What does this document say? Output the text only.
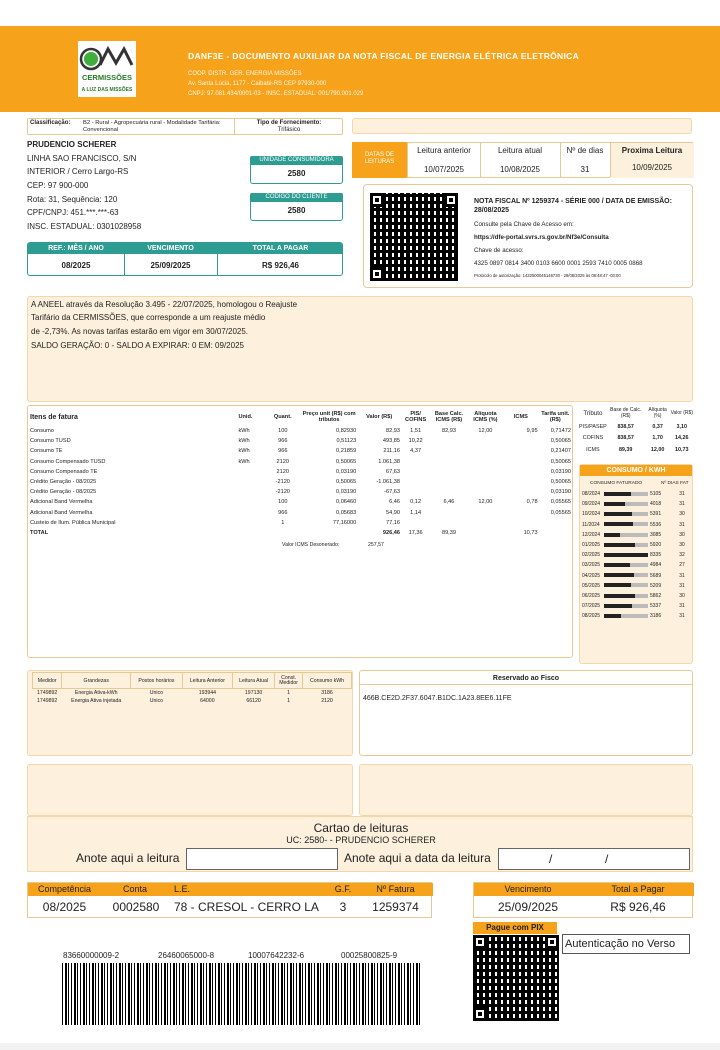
CERMISSÕES
A LUZ DAS MISSÕES
DANF3E - DOCUMENTO AUXILIAR DA NOTA FISCAL DE ENERGIA ELÉTRICA ELETRÔNICA
COOP. DISTR. GER. ENERGIA MISSÕES
Av. Santa Lúcia, 1177 - Caibaté-RS CEP 97930-000
CNPJ: 97.081.434/0001-03 - INSC. ESTADUAL: 001/790.001.029
Classificação: B2 - Rural - Agropecuária rural - Modalidade Tarifária: Convencional
Tipo de Fornecimento:
Trifásico
PRUDENCIO SCHERER
LINHA SAO FRANCISCO, S/N
INTERIOR / Cerro Largo-RS
CEP: 97 900-000
Rota: 31, Sequência: 120
CPF/CNPJ: 451.***.***-63
INSC. ESTADUAL: 0301028958
UNIDADE CONSUMIDORA
2580
CÓDIGO DO CLIENTE
2580
REF.: MÊS / ANO	VENCIMENTO	TOTAL A PAGAR
08/2025	25/09/2025	R$ 926,46
DATAS DE LEITURAS
Leitura anterior	Leitura atual	Nº de dias	Proxima Leitura
10/07/2025	10/08/2025	31	10/09/2025
NOTA FISCAL Nº 1259374 - SÉRIE 000 / DATA DE EMISSÃO: 28/08/2025
Consulte pela Chave de Acesso em:
https://dfe-portal.svrs.rs.gov.br/Nf3e/Consulta
Chave de acesso:
4325 0897 0814 3400 0103 6600 0001 2593 7410 0005 0868
Protocolo de autorização: 1432500045146730 - 28/08/2025 às 08:48:47 -03:00
A ANEEL através da Resolução 3.495 - 22/07/2025, homologou o Reajuste
Tarifário da CERMISSÕES, que corresponde a um reajuste médio
de -2,73%. As novas tarifas estarão em vigor em 30/07/2025.
SALDO GERAÇÃO: 0 - SALDO A EXPIRAR: 0 EM: 09/2025
Itens de fatura	Unid.	Quant.	Preço unit (R$) com tributos	Valor (R$)	PIS/ COFINS	Base Calc. ICMS (R$)	Alíquota ICMS (%)	ICMS	Tarifa unit. (R$)
Consumo	kWh	100	0,82930	82,93	1,51	82,93	12,00	9,95	0,71472
Consumo TUSD	kWh	966	0,51123	493,85	10,22				0,50065
Consumo TE	kWh	966	0,21859	211,16	4,37				0,21407
Consumo Compensado TUSD	kWh	2120	0,50065	1.061,38					0,50065
Consumo Compensado TE		2120	0,03190	67,63					0,03190
Crédito Geração - 08/2025		-2120	0,50065	-1.061,38					0,50065
Crédito Geração - 08/2025		-2120	0,03190	-67,63					0,03190
Adicional Band Vermelha		100	0,06460	6,46	0,12	6,46	12,00	0,78	0,05565
Adicional Band Vermelha		966	0,05683	54,90	1,14				0,05565
Custeio de Ilum. Pública Municipal		1	77,16000	77,16					
TOTAL				926,46	17,36	89,39		10,73	
Valor ICMS Desonerado:	257,57
Tributo	Base de Calc. (R$)	Alíquota (%)	Valor (R$)
PIS/PASEP	838,57	0,37	3,10
COFINS	838,57	1,70	14,26
ICMS	89,39	12,00	10,73
CONSUMO / KWH
CONSUMO FATURADO	Nº DIAS FAT
08/2024		5105	31
09/2024		4018	31
10/2024		5391	30
11/2024		5536	31
12/2024		3085	30
01/2025		5920	30
02/2025		8335	32
03/2025		4984	27
04/2025		5689	31
05/2025		5209	31
06/2025		5862	30
07/2025		5337	31
08/2025		3186	31
Medidor	Grandezas	Postos horários	Leitura Anterior	Leitura Atual	Const. Medidor	Consumo kWh
1749892	Energia Ativa-kWh	Unico	193944	197130	1	3186
1749892	Energia Ativa injetada	Unico	64000	66120	1	2120
Reservado ao Fisco
466B.CE2D.2F37.6047.B1DC.1A23.8EE6.11FE
Cartao de leituras
UC: 2580- - PRUDENCIO SCHERER
Anote aqui a leitura	Anote aqui a data da leitura	/	/
Competência	Conta	L.E.	G.F.	Nº Fatura
08/2025	0002580	78 - CRESOL - CERRO LA	3	1259374
Vencimento	Total a Pagar
25/09/2025	R$ 926,46
Pague com PIX
Autenticação no Verso
83660000009-2	26460065000-8	10007642232-6	00025800825-9
